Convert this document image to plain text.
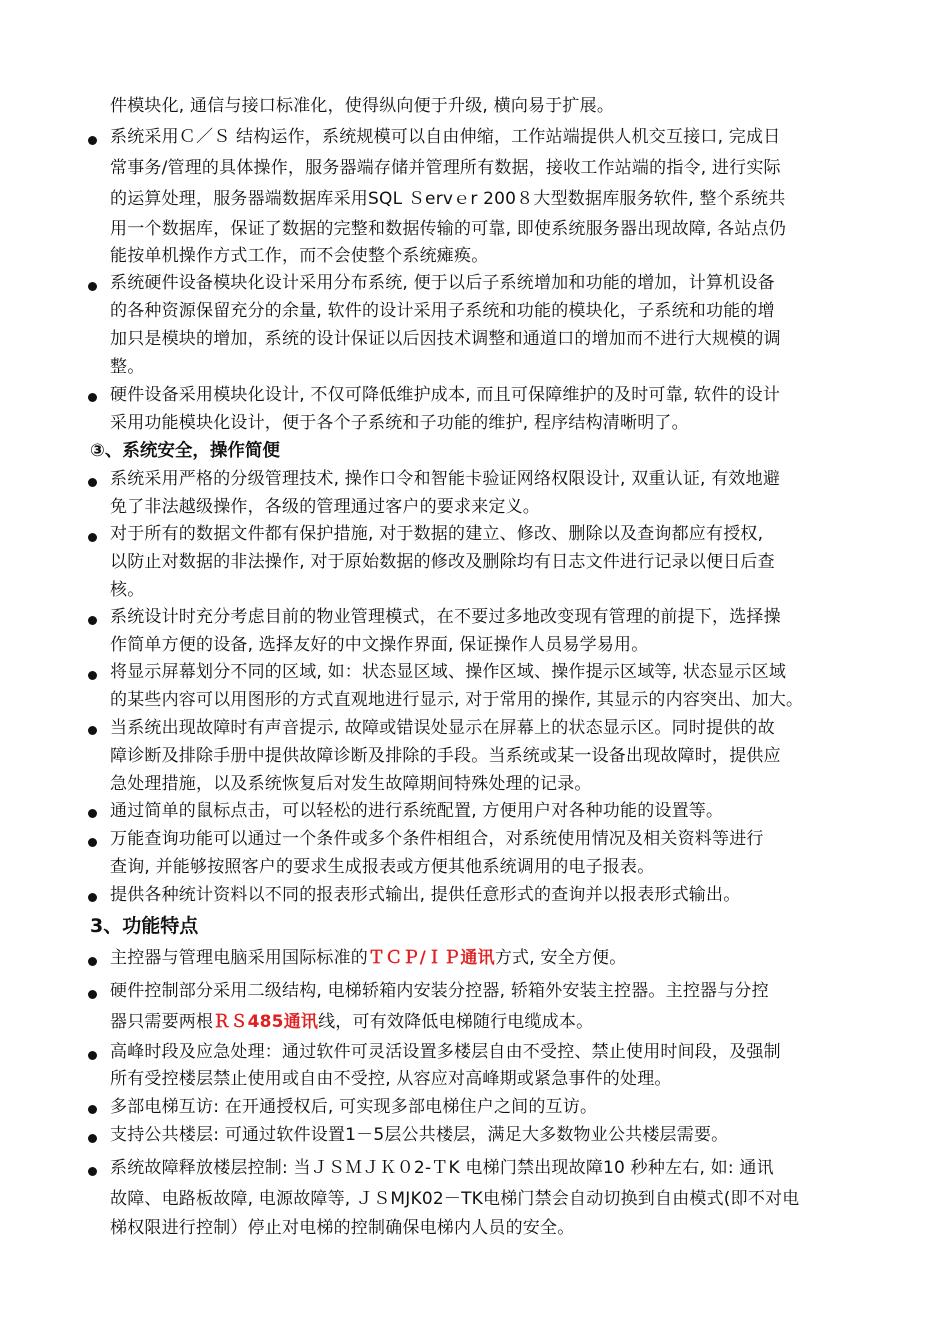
件模块化, 通信与接口标准化，使得纵向便于升级, 横向易于扩展。
系统采用Ｃ／Ｓ 结构运作，系统规模可以自由伸缩，工作站端提供人机交互接口, 完成日
常事务/管理的具体操作，服务器端存储并管理所有数据，接收工作站端的指令, 进行实际
的运算处理，服务器端数据库采用SQL Ｓervｅr 200８大型数据库服务软件, 整个系统共
用一个数据库，保证了数据的完整和数据传输的可靠, 即使系统服务器出现故障, 各站点仍
能按单机操作方式工作，而不会使整个系统瘫痪。
系统硬件设备模块化设计采用分布系统, 便于以后子系统增加和功能的增加，计算机设备
的各种资源保留充分的余量, 软件的设计采用子系统和功能的模块化，子系统和功能的增
加只是模块的增加，系统的设计保证以后因技术调整和通道口的增加而不进行大规模的调
整。
硬件设备采用模块化设计, 不仅可降低维护成本, 而且可保障维护的及时可靠, 软件的设计
采用功能模块化设计，便于各个子系统和子功能的维护, 程序结构清晰明了。
③、系统安全，操作简便
系统采用严格的分级管理技术, 操作口令和智能卡验证网络权限设计, 双重认证, 有效地避
免了非法越级操作，各级的管理通过客户的要求来定义。
对于所有的数据文件都有保护措施, 对于数据的建立、修改、删除以及查询都应有授权,
以防止对数据的非法操作, 对于原始数据的修改及删除均有日志文件进行记录以便日后查
核。
系统设计时充分考虑目前的物业管理模式，在不要过多地改变现有管理的前提下，选择操
作简单方便的设备, 选择友好的中文操作界面, 保证操作人员易学易用。
将显示屏幕划分不同的区域, 如：状态显区域、操作区域、操作提示区域等, 状态显示区域
的某些内容可以用图形的方式直观地进行显示, 对于常用的操作, 其显示的内容突出、加大。
当系统出现故障时有声音提示, 故障或错误处显示在屏幕上的状态显示区。同时提供的故
障诊断及排除手册中提供故障诊断及排除的手段。当系统或某一设备出现故障时，提供应
急处理措施，以及系统恢复后对发生故障期间特殊处理的记录。
通过简单的鼠标点击，可以轻松的进行系统配置, 方便用户对各种功能的设置等。
万能查询功能可以通过一个条件或多个条件相组合，对系统使用情况及相关资料等进行
查询, 并能够按照客户的要求生成报表或方便其他系统调用的电子报表。
提供各种统计资料以不同的报表形式输出, 提供任意形式的查询并以报表形式输出。
3、功能特点
主控器与管理电脑采用国际标准的ＴＣＰ/ＩＰ通讯方式, 安全方便。
硬件控制部分采用二级结构, 电梯轿箱内安装分控器, 轿箱外安装主控器。主控器与分控
器只需要两根ＲＳ485通讯线，可有效降低电梯随行电缆成本。
高峰时段及应急处理：通过软件可灵活设置多楼层自由不受控、禁止使用时间段，及强制
所有受控楼层禁止使用或自由不受控, 从容应对高峰期或紧急事件的处理。
多部电梯互访: 在开通授权后, 可实现多部电梯住户之间的互访。
支持公共楼层: 可通过软件设置1－5层公共楼层，满足大多数物业公共楼层需要。
系统故障释放楼层控制: 当ＪＳＭＪＫ０2-ＴK 电梯门禁出现故障10 秒种左右, 如: 通讯
故障、电路板故障, 电源故障等, ＪＳMJK02－TK电梯门禁会自动切换到自由模式(即不对电
梯权限进行控制）停止对电梯的控制确保电梯内人员的安全。
